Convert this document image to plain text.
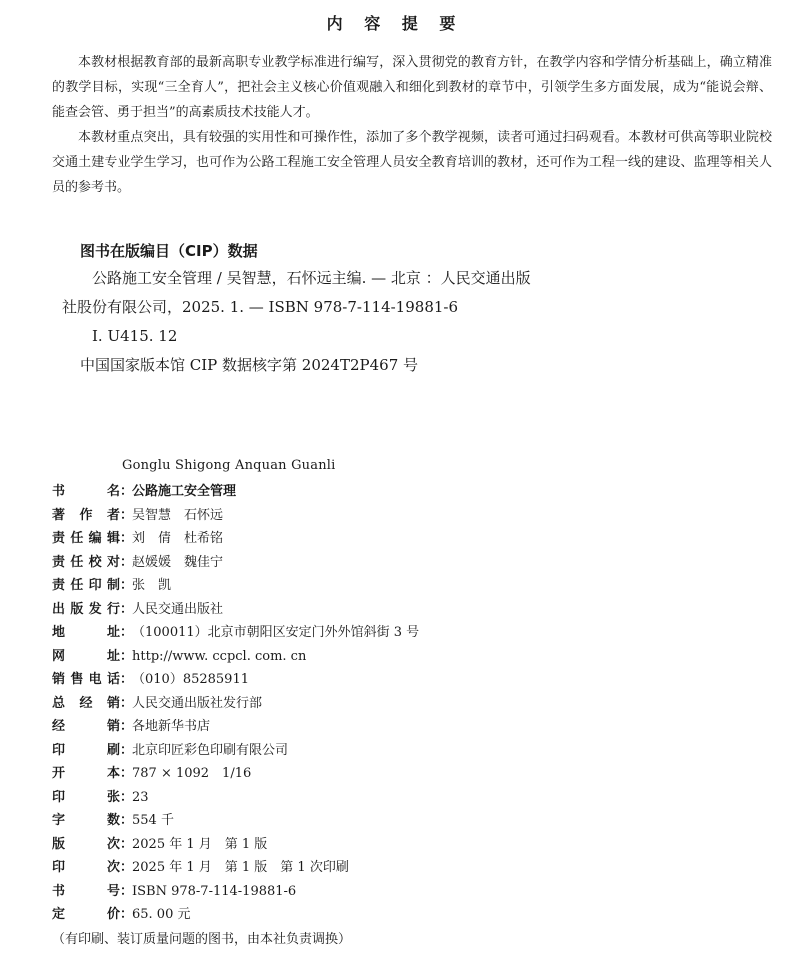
内 容 提 要

本教材根据教育部的最新高职专业教学标准进行编写，深入贯彻党的教育方针，在教学内容和学情分析基础上，确立精准的教学目标，实现“三全育人”，把社会主义核心价值观融入和细化到教材的章节中，引领学生多方面发展，成为“能说会辩、能查会管、勇于担当”的高素质技术技能人才。

本教材重点突出，具有较强的实用性和可操作性，添加了多个教学视频，读者可通过扫码观看。本教材可供高等职业院校交通土建专业学生学习，也可作为公路工程施工安全管理人员安全教育培训的教材，还可作为工程一线的建设、监理等相关人员的参考书。

图书在版编目（CIP）数据
公路施工安全管理 / 吴智慧，石怀远主编. — 北京 ：人民交通出版社股份有限公司，2025. 1. — ISBN 978-7-114-19881-6
Ⅰ. U415. 12
中国国家版本馆 CIP 数据核字第 2024T2P467 号
Gonglu Shigong Anquan Guanli
书	名 ：
公路施工安全管理
著 作 者 ：
吴智慧　石怀远
责 任 编 辑 ：
刘　倩　杜希铭
责 任 校 对 ：
赵媛媛　魏佳宁
责 任 印 制 ：
张　凯
出 版 发 行 ：
人民交通出版社
地	址 ：
（100011）北京市朝阳区安定门外外馆斜街 3 号
网	址 ：
http://www. ccpcl. com. cn
销 售 电 话 ：
（010）85285911
总 经 销 ：
人民交通出版社发行部
经	销 ：
各地新华书店
印	刷 ：
北京印匠彩色印刷有限公司
开	本 ：
787 × 1092　1/16
印	张 ：
23
字	数 ：
554 千
版	次 ：
2025 年 1 月　第 1 版
印	次 ：
2025 年 1 月　第 1 版　第 1 次印刷
书	号 ：
ISBN 978-7-114-19881-6
定	价 ：
65. 00 元
（有印刷、装订质量问题的图书，由本社负责调换）
